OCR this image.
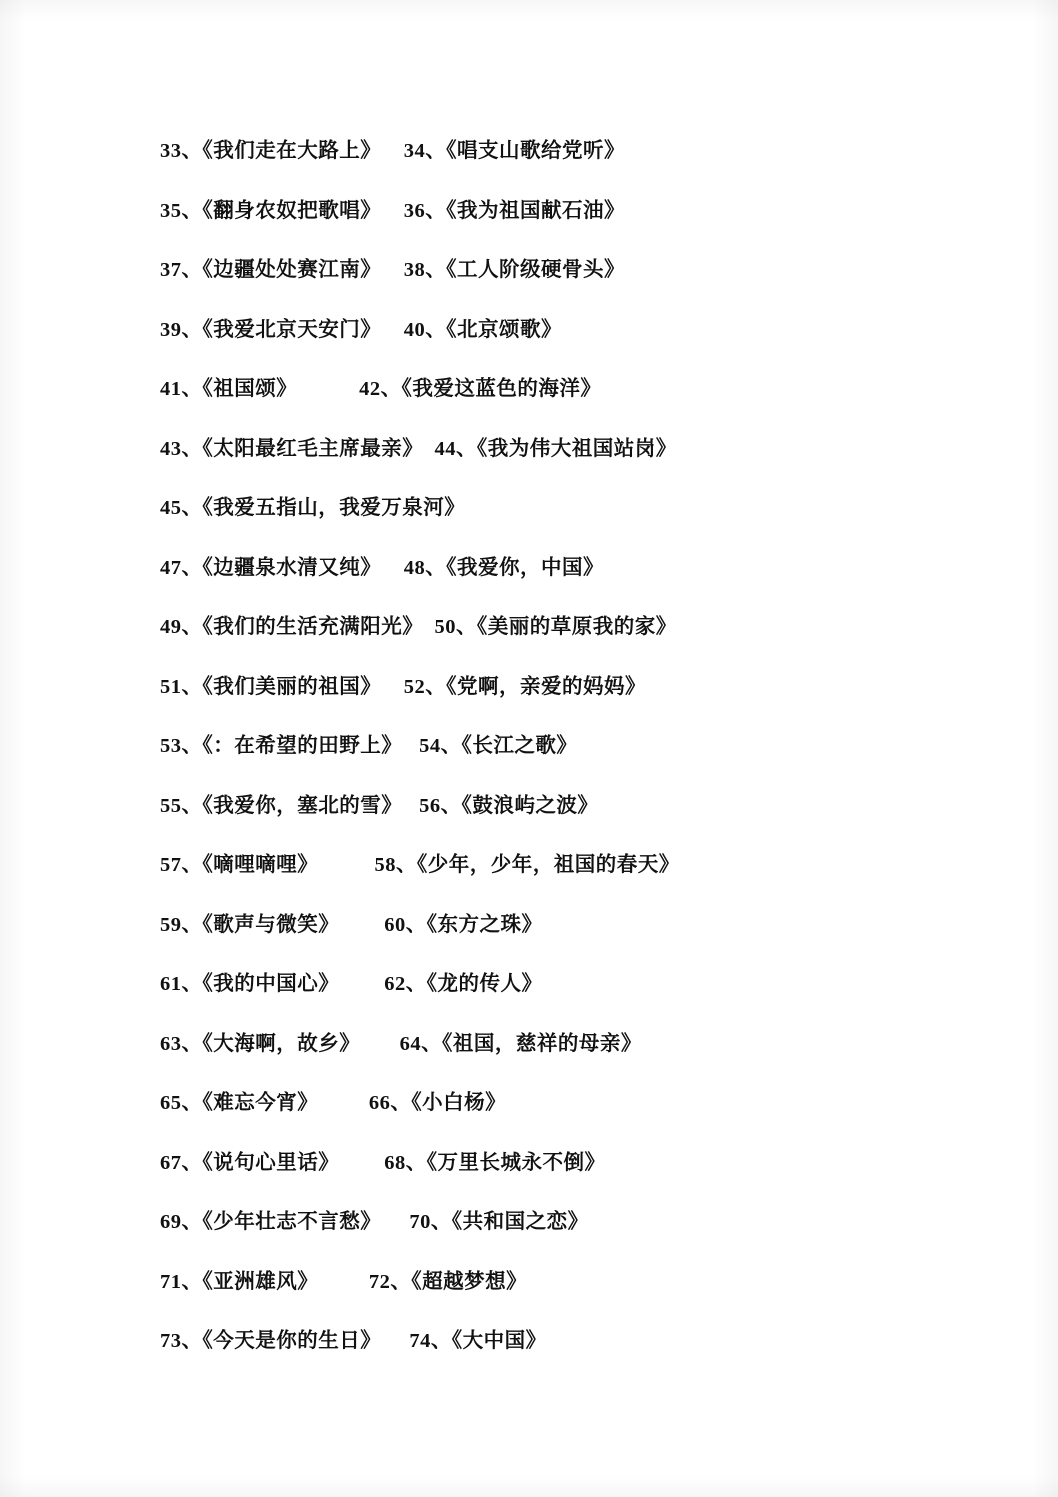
33、《我们走在大路上》    34、《唱支山歌给党听》
35、《翻身农奴把歌唱》    36、《我为祖国献石油》
37、《边疆处处赛江南》    38、《工人阶级硬骨头》
39、《我爱北京天安门》    40、《北京颂歌》
41、《祖国颂》           42、《我爱这蓝色的海洋》
43、《太阳最红毛主席最亲》  44、《我为伟大祖国站岗》
45、《我爱五指山，我爱万泉河》
47、《边疆泉水清又纯》    48、《我爱你，中国》
49、《我们的生活充满阳光》  50、《美丽的草原我的家》
51、《我们美丽的祖国》    52、《党啊，亲爱的妈妈》
53、《：在希望的田野上》   54、《长江之歌》
55、《我爱你，塞北的雪》   56、《鼓浪屿之波》
57、《嘀哩嘀哩》          58、《少年，少年，祖国的春天》
59、《歌声与微笑》        60、《东方之珠》
61、《我的中国心》        62、《龙的传人》
63、《大海啊，故乡》       64、《祖国，慈祥的母亲》
65、《难忘今宵》         66、《小白杨》
67、《说句心里话》        68、《万里长城永不倒》
69、《少年壮志不言愁》     70、《共和国之恋》
71、《亚洲雄风》         72、《超越梦想》
73、《今天是你的生日》     74、《大中国》
